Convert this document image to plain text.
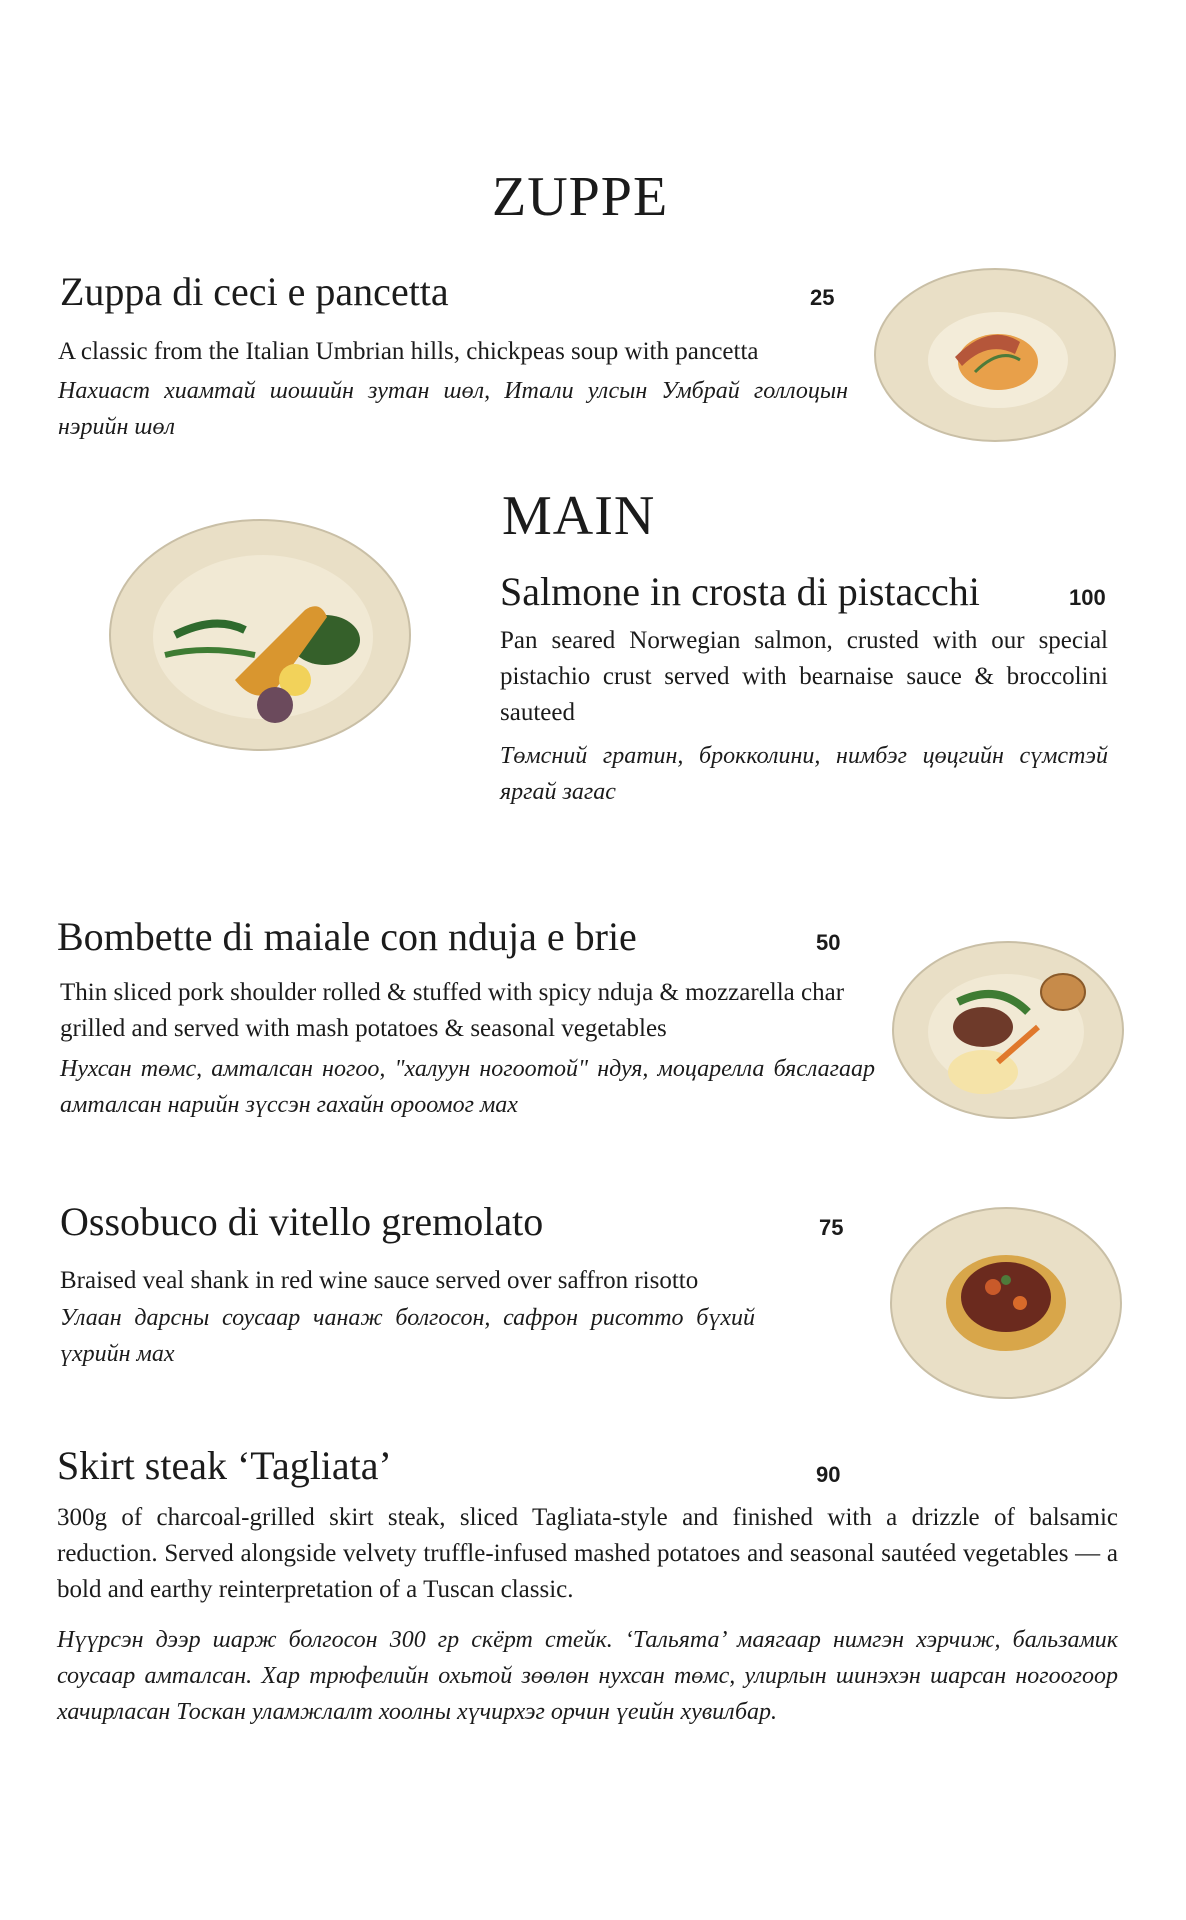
ZUPPE
Zuppa di ceci e pancetta	25

A classic from the Italian Umbrian hills, chickpeas soup with pancetta

Нахиаст хиамтай шошийн зутан шөл, Итали улсын Умбрай голлоцын нэрийн шөл

MAIN
Salmone in crosta di pistacchi	100

Pan seared Norwegian salmon, crusted with our special pistachio crust served with bearnaise sauce & broccolini sauteed

Төмсний гратин, брокколини, нимбэг цөцгийн сүмстэй яргай загас

Bombette di maiale con nduja e brie	50

Thin sliced pork shoulder rolled & stuffed with spicy nduja & mozzarella char grilled and served with mash potatoes & seasonal vegetables

Нухсан төмс, амталсан ногоо, "халуун ногоотой" ндуя, моцарелла бяслагаар амталсан нарийн зүссэн гахайн ороомог мах

Ossobuco di vitello gremolato	75

Braised veal shank in red wine sauce served over saffron risotto

Улаан дарсны соусаар чанаж болгосон, сафрон рисотто бүхий үхрийн мах

Skirt steak ‘Tagliata’	90

300g of charcoal-grilled skirt steak, sliced Tagliata-style and finished with a drizzle of balsamic reduction. Served alongside velvety truffle-infused mashed potatoes and seasonal sautéed vegetables — a bold and earthy reinterpretation of a Tuscan classic.

Нүүрсэн дээр шарж болгосон 300 гр скёрт стейк. ‘Тальята’ маягаар нимгэн хэрчиж, бальзамик соусаар амталсан. Хар трюфелийн охьтой зөөлөн нухсан төмс, улирлын шинэхэн шарсан ногоогоор хачирласан Тоскан уламжлалт хоолны хүчирхэг орчин үеийн хувилбар.
